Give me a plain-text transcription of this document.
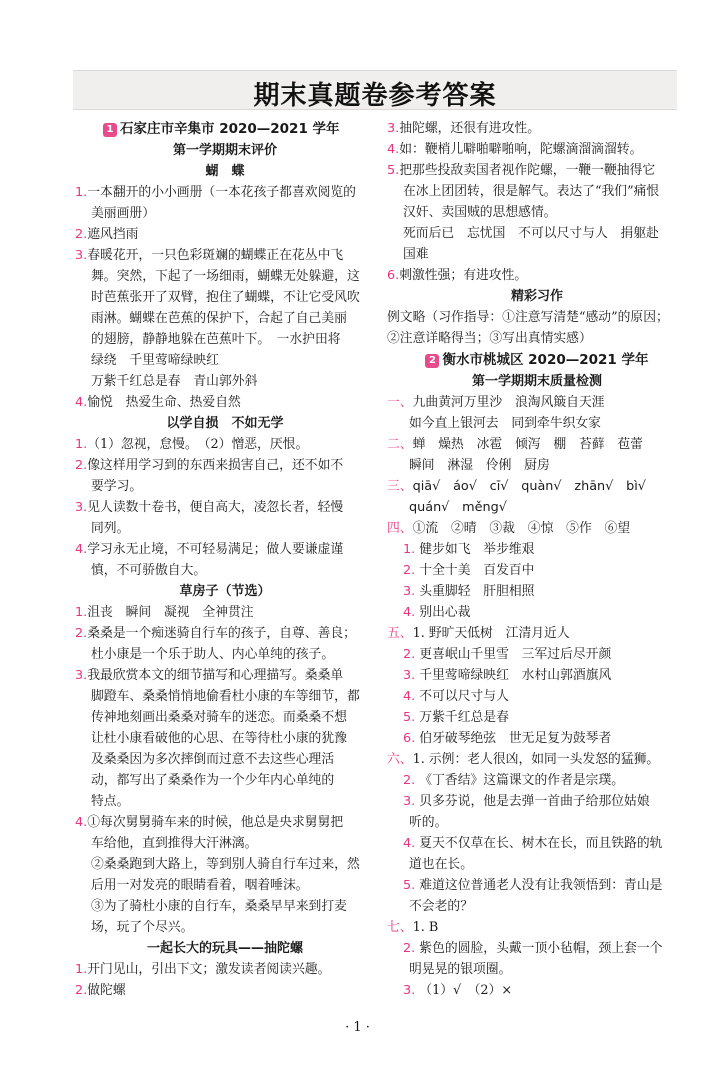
期末真题卷参考答案
1 石家庄市辛集市 2020—2021 学年
第一学期期末评价
蝴　蝶
1.一本翻开的小小画册（一本花孩子都喜欢阅览的
美丽画册）
2.遮风挡雨
3.春暖花开，一只色彩斑斓的蝴蝶正在花丛中飞
舞。突然，下起了一场细雨，蝴蝶无处躲避，这
时芭蕉张开了双臂，抱住了蝴蝶，不让它受风吹
雨淋。蝴蝶在芭蕉的保护下，合起了自己美丽
的翅膀，静静地躲在芭蕉叶下。　一水护田将
绿绕　千里莺啼绿映红
万紫千红总是春　青山郭外斜
4.愉悦　热爱生命、热爱自然
以学自损　不如无学
1.（1）忽视，怠慢。　（2）憎恶，厌恨。
2.像这样用学习到的东西来损害自己，还不如不
要学习。
3.见人读数十卷书，便自高大，凌忽长者，轻慢
同列。
4.学习永无止境，不可轻易满足；做人要谦虚谨
慎，不可骄傲自大。
草房子（节选）
1.沮丧　瞬间　凝视　全神贯注
2.桑桑是一个痴迷骑自行车的孩子，自尊、善良；
杜小康是一个乐于助人、内心单纯的孩子。
3.我最欣赏本文的细节描写和心理描写。桑桑单
脚蹬车、桑桑悄悄地偷看杜小康的车等细节，都
传神地刻画出桑桑对骑车的迷恋。而桑桑不想
让杜小康看破他的心思、在等待杜小康的犹豫
及桑桑因为多次摔倒而过意不去这些心理活
动，都写出了桑桑作为一个少年内心单纯的
特点。
4.①每次舅舅骑车来的时候，他总是央求舅舅把
车给他，直到推得大汗淋漓。
②桑桑跑到大路上，等到别人骑自行车过来，然
后用一对发亮的眼睛看着，咽着唾沫。
③为了骑杜小康的自行车，桑桑早早来到打麦
场，玩了个尽兴。
一起长大的玩具——抽陀螺
1.开门见山，引出下文；激发读者阅读兴趣。
2.做陀螺
3.抽陀螺，还很有进攻性。
4.如：鞭梢儿噼啪噼啪响，陀螺滴溜滴溜转。
5.把那些投敌卖国者视作陀螺，一鞭一鞭抽得它
在冰上团团转，很是解气。表达了“我们”痛恨
汉奸、卖国贼的思想感情。
死而后已　忘忧国　不可以尺寸与人　捐躯赴
国难
6.刺激性强；有进攻性。
精彩习作
例文略（习作指导：①注意写清楚“感动”的原因；
②注意详略得当；③写出真情实感）
2 衡水市桃城区 2020—2021 学年
第一学期期末质量检测
一、九曲黄河万里沙　浪淘风簸自天涯
如今直上银河去　同到牵牛织女家
二、蝉　燥热　冰雹　倾泻　棚　苔藓　苞蕾
瞬间　淋湿　伶俐　厨房
三、qiā√　áo√　cī√　quàn√　zhān√　bì√
quán√　měng√
四、①流　②晴　③裁　④惊　⑤作　⑥望
1. 健步如飞　举步维艰
2. 十全十美　百发百中
3. 头重脚轻　肝胆相照
4. 别出心裁
五、1. 野旷天低树　江清月近人
2. 更喜岷山千里雪　三军过后尽开颜
3. 千里莺啼绿映红　水村山郭酒旗风
4. 不可以尺寸与人
5. 万紫千红总是春
6. 伯牙破琴绝弦　世无足复为鼓琴者
六、1. 示例：老人很凶，如同一头发怒的猛狮。
2. 《丁香结》这篇课文的作者是宗璞。
3. 贝多芬说，他是去弹一首曲子给那位姑娘
听的。
4. 夏天不仅草在长、树木在长，而且铁路的轨
道也在长。
5. 难道这位普通老人没有让我领悟到：青山是
不会老的？
七、1. B
2. 紫色的圆脸，头戴一顶小毡帽，颈上套一个
明晃晃的银项圈。
3. （1）√　（2）×
· 1 ·
